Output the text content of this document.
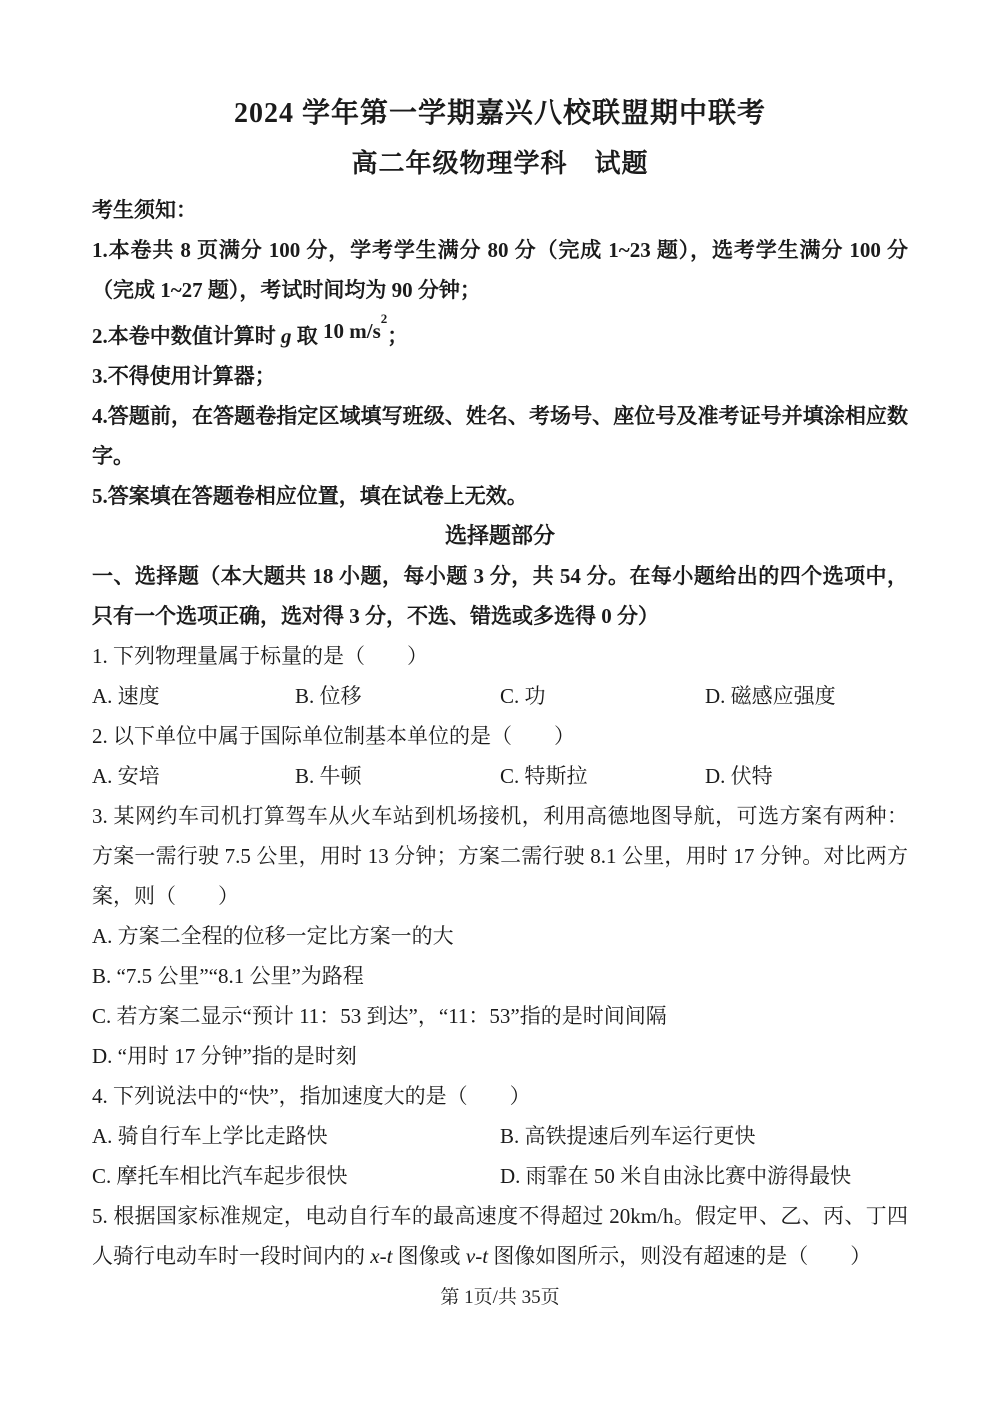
2024 学年第一学期嘉兴八校联盟期中联考
高二年级物理学科　试题

考生须知：

1.本卷共 8 页满分 100 分，学考学生满分 80 分（完成 1~23 题），选考学生满分 100 分（完成 1~27 题），考试时间均为 90 分钟；

2.本卷中数值计算时 g 取 10 $m/s^2$；

3.不得使用计算器；

4.答题前，在答题卷指定区域填写班级、姓名、考场号、座位号及准考证号并填涂相应数字。

5.答案填在答题卷相应位置，填在试卷上无效。

选择题部分

一、选择题（本大题共 18 小题，每小题 3 分，共 54 分。在每小题给出的四个选项中，只有一个选项正确，选对得 3 分，不选、错选或多选得 0 分）

1. 下列物理量属于标量的是（　　）

A. 速度	B. 位移	C. 功	D. 磁感应强度

2. 以下单位中属于国际单位制基本单位的是（　　）

A. 安培	B. 牛顿	C. 特斯拉	D. 伏特

3. 某网约车司机打算驾车从火车站到机场接机，利用高德地图导航，可选方案有两种：方案一需行驶 7.5 公里，用时 13 分钟；方案二需行驶 8.1 公里，用时 17 分钟。对比两方案，则（　　）

A. 方案二全程的位移一定比方案一的大

B. “7.5 公里”“8.1 公里”为路程

C. 若方案二显示“预计 11：53 到达”，“11：53”指的是时间间隔

D. “用时 17 分钟”指的是时刻

4. 下列说法中的“快”，指加速度大的是（　　）

A. 骑自行车上学比走路快	B. 高铁提速后列车运行更快
C. 摩托车相比汽车起步很快	D. 雨霏在 50 米自由泳比赛中游得最快

5. 根据国家标准规定，电动自行车的最高速度不得超过 20km/h。假定甲、乙、丙、丁四人骑行电动车时一段时间内的 x-t 图像或 v-t 图像如图所示，则没有超速的是（　　）

第 1页/共 35页
